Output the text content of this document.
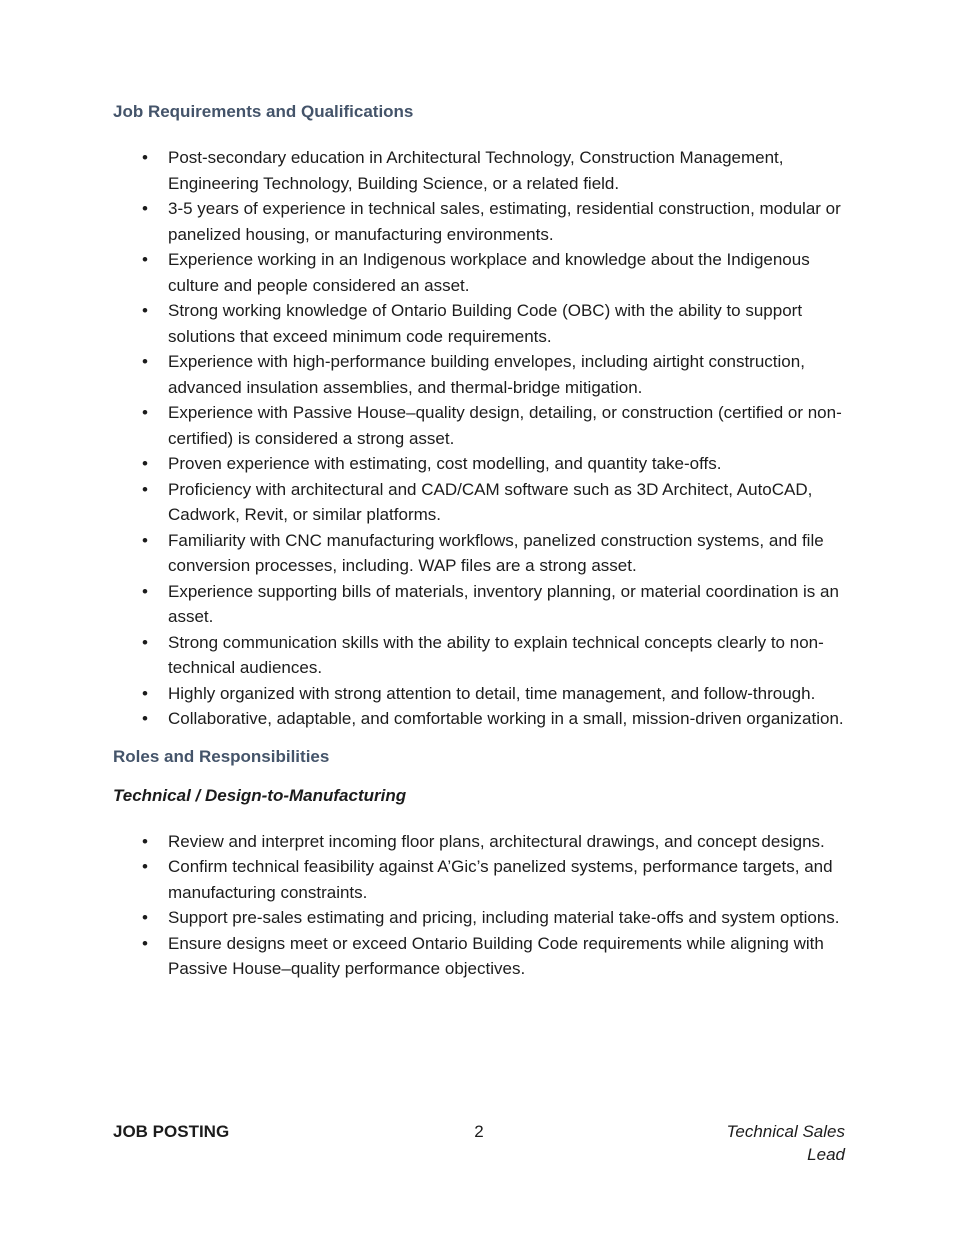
Job Requirements and Qualifications
• Post-secondary education in Architectural Technology, Construction Management, Engineering Technology, Building Science, or a related field.
• 3-5 years of experience in technical sales, estimating, residential construction, modular or panelized housing, or manufacturing environments.
• Experience working in an Indigenous workplace and knowledge about the Indigenous culture and people considered an asset.
• Strong working knowledge of Ontario Building Code (OBC) with the ability to support solutions that exceed minimum code requirements.
• Experience with high-performance building envelopes, including airtight construction, advanced insulation assemblies, and thermal-bridge mitigation.
• Experience with Passive House–quality design, detailing, or construction (certified or non-certified) is considered a strong asset.
• Proven experience with estimating, cost modelling, and quantity take-offs.
• Proficiency with architectural and CAD/CAM software such as 3D Architect, AutoCAD, Cadwork, Revit, or similar platforms.
• Familiarity with CNC manufacturing workflows, panelized construction systems, and file conversion processes, including. WAP files are a strong asset.
• Experience supporting bills of materials, inventory planning, or material coordination is an asset.
• Strong communication skills with the ability to explain technical concepts clearly to non-technical audiences.
• Highly organized with strong attention to detail, time management, and follow-through.
• Collaborative, adaptable, and comfortable working in a small, mission-driven organization.
Roles and Responsibilities
Technical / Design-to-Manufacturing
• Review and interpret incoming floor plans, architectural drawings, and concept designs.
• Confirm technical feasibility against A’Gic’s panelized systems, performance targets, and manufacturing constraints.
• Support pre-sales estimating and pricing, including material take-offs and system options.
• Ensure designs meet or exceed Ontario Building Code requirements while aligning with Passive House–quality performance objectives.
JOB POSTING	2	Technical Sales Lead
